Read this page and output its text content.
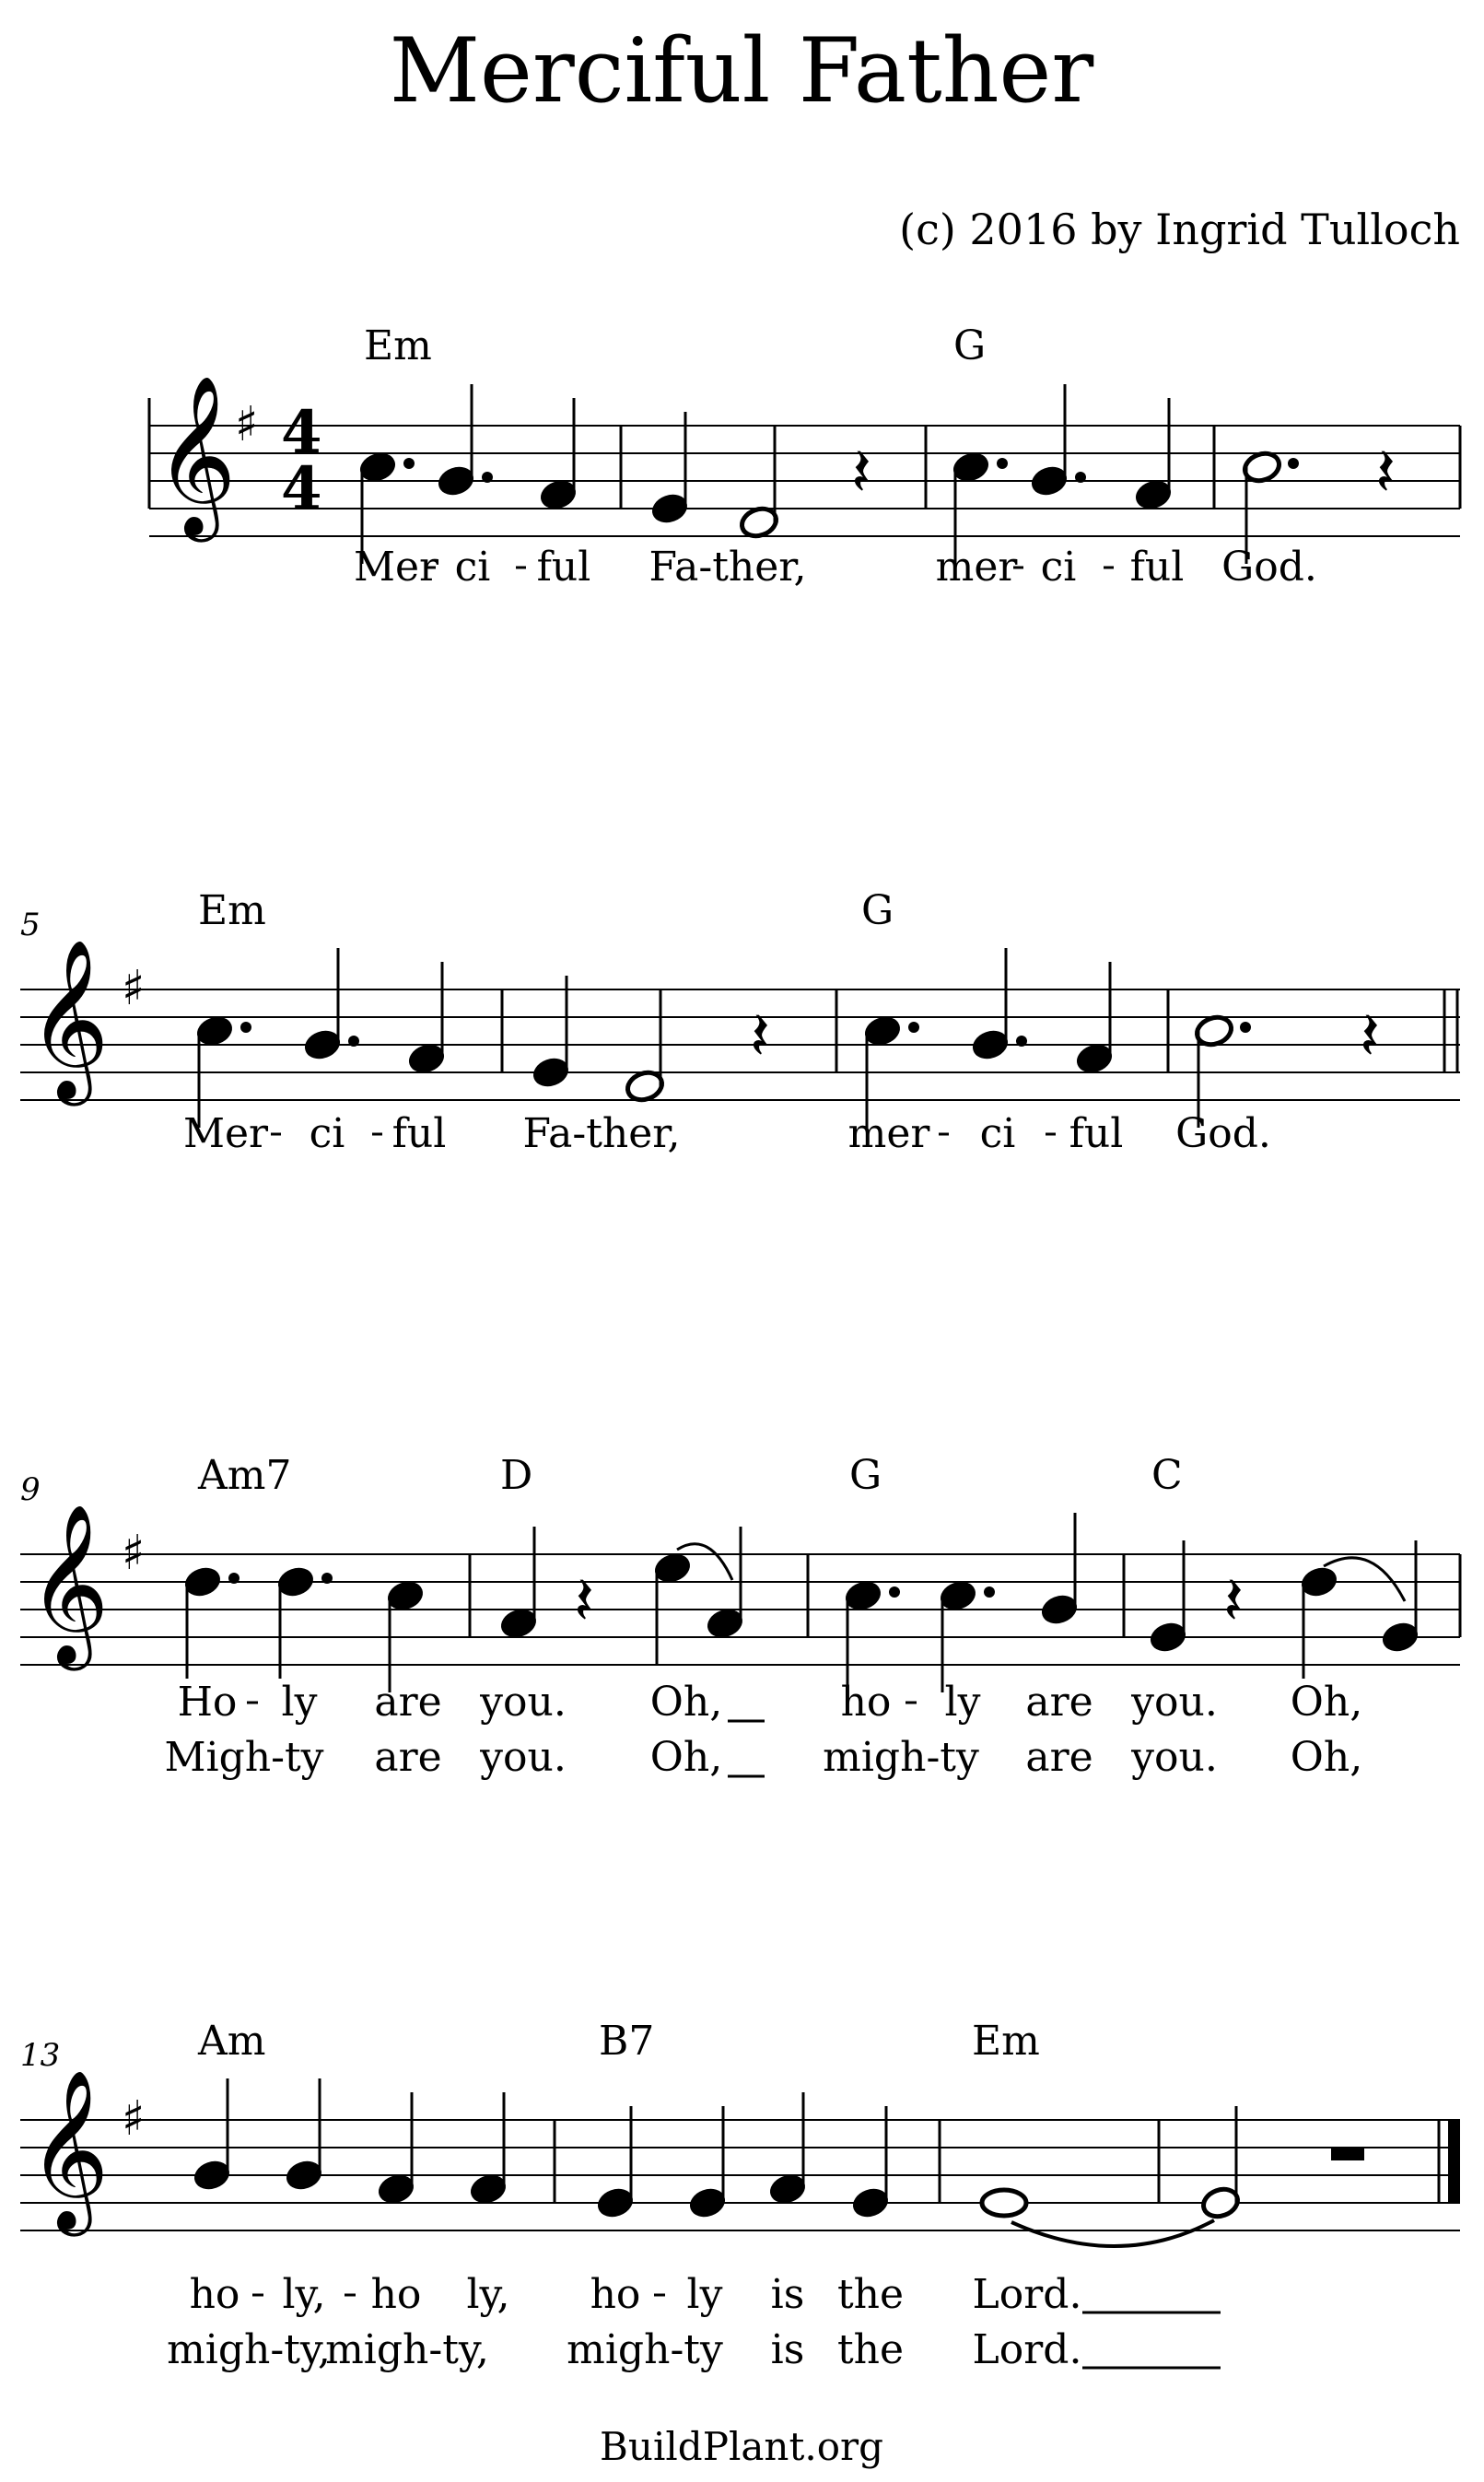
Merciful Father
(c) 2016 by Ingrid Tulloch
Em	G
𝄞
♯ 4
4	𝄽	𝄽
Mer ci ful Fa-ther,	mer ci ful God.
5	Em	G
𝄞 ♯
𝄽	𝄽
Mer ci ful Fa-ther,	mer ci ful God.
9	Am7	D	G	C
𝄞 ♯
𝄽	𝄽
Ho ly are you. Oh,	ho ly are you. Oh,
Migh-ty are you. Oh, migh-ty are you. Oh,
13	Am	B7	Em
𝄞 ♯
ho ly, ho ly, ho ly is the Lord.
migh-ty,
migh-ty, migh-ty is the Lord.
BuildPlant.org
